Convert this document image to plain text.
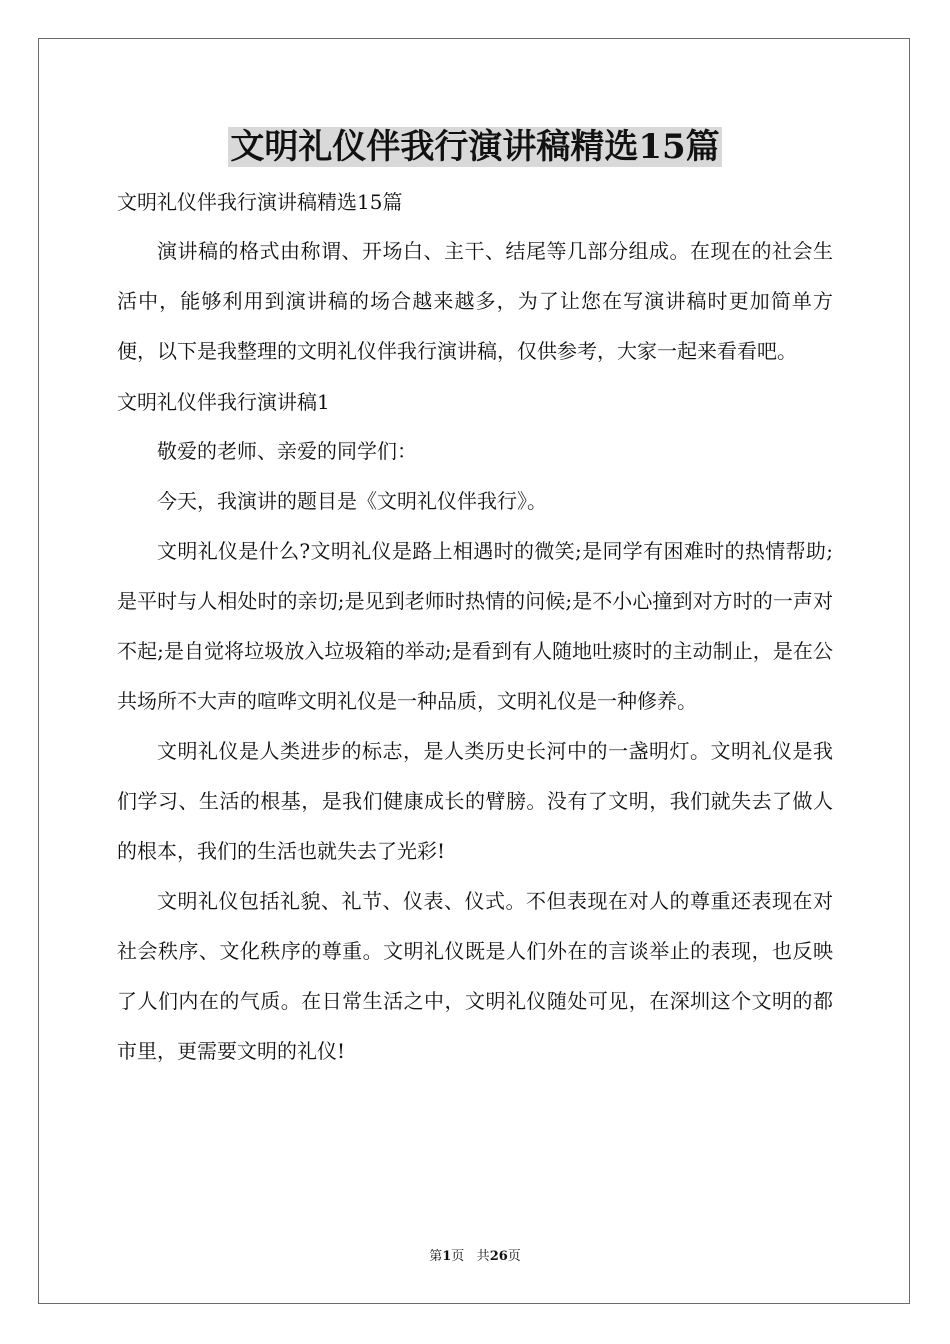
文明礼仪伴我行演讲稿精选15篇

文明礼仪伴我行演讲稿精选15篇

演讲稿的格式由称谓、开场白、主干、结尾等几部分组成。在现在的社会生活中，能够利用到演讲稿的场合越来越多，为了让您在写演讲稿时更加简单方便，以下是我整理的文明礼仪伴我行演讲稿，仅供参考，大家一起来看看吧。

文明礼仪伴我行演讲稿1

敬爱的老师、亲爱的同学们：

今天，我演讲的题目是《文明礼仪伴我行》。

文明礼仪是什么?文明礼仪是路上相遇时的微笑;是同学有困难时的热情帮助;是平时与人相处时的亲切;是见到老师时热情的问候;是不小心撞到对方时的一声对不起;是自觉将垃圾放入垃圾箱的举动;是看到有人随地吐痰时的主动制止，是在公共场所不大声的喧哗文明礼仪是一种品质，文明礼仪是一种修养。

文明礼仪是人类进步的标志，是人类历史长河中的一盏明灯。文明礼仪是我们学习、生活的根基，是我们健康成长的臂膀。没有了文明，我们就失去了做人的根本，我们的生活也就失去了光彩!

文明礼仪包括礼貌、礼节、仪表、仪式。不但表现在对人的尊重还表现在对社会秩序、文化秩序的尊重。文明礼仪既是人们外在的言谈举止的表现，也反映了人们内在的气质。在日常生活之中，文明礼仪随处可见，在深圳这个文明的都市里，更需要文明的礼仪!

第1页 共26页
